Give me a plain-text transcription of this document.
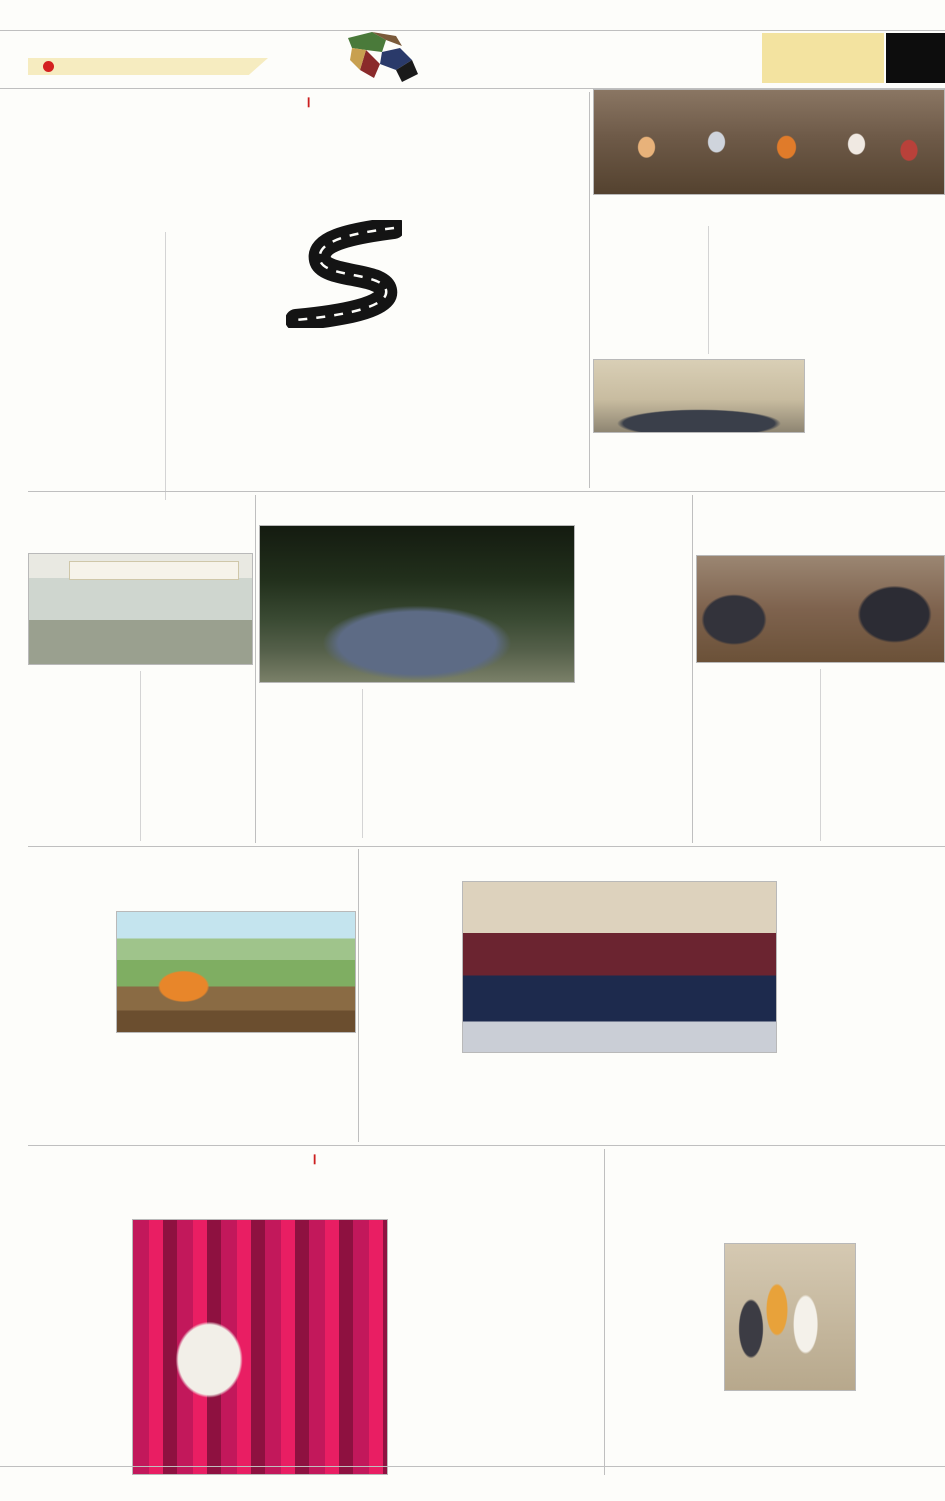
।
।
